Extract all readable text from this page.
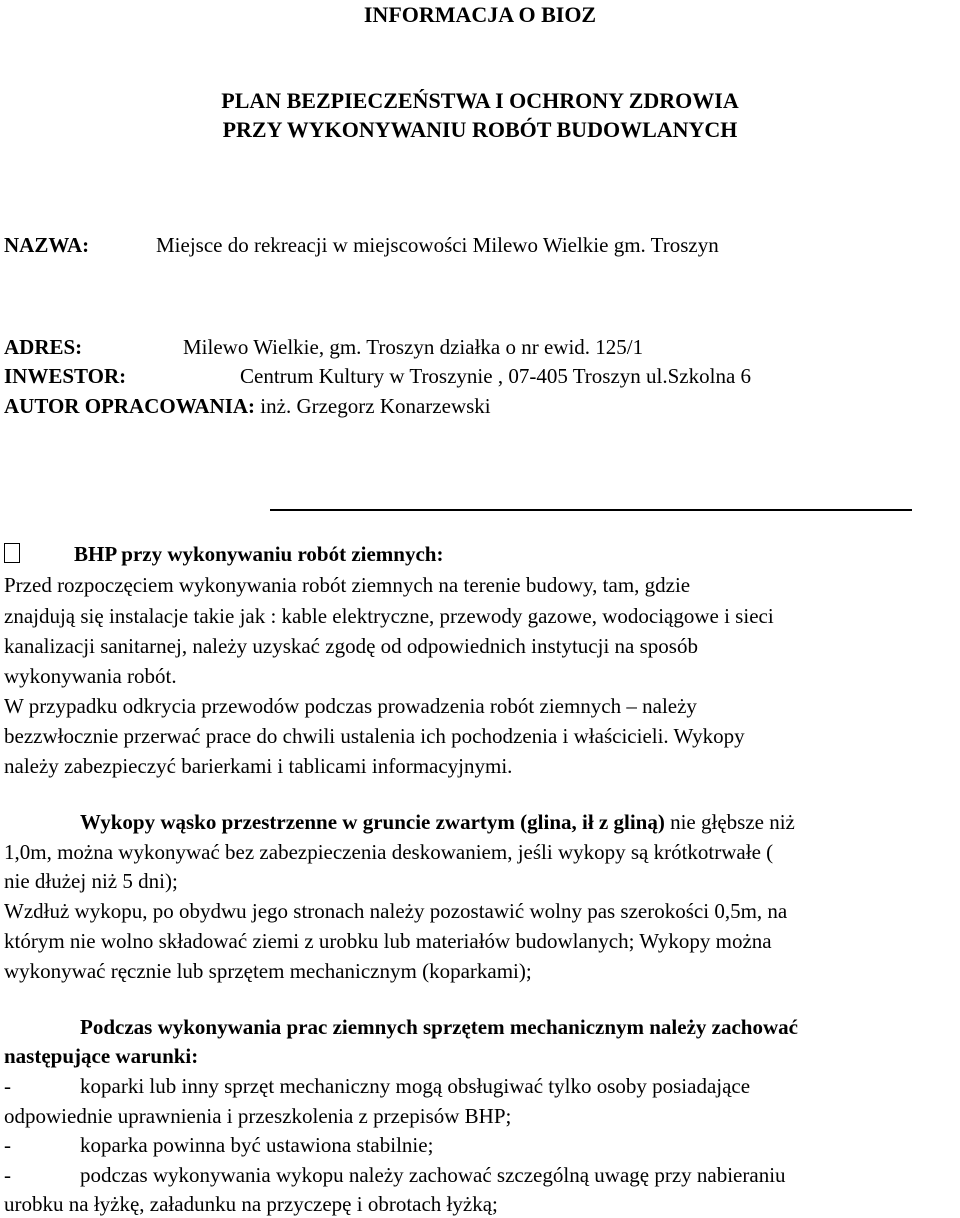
INFORMACJA O BIOZ
PLAN BEZPIECZEŃSTWA I OCHRONY ZDROWIA
PRZY WYKONYWANIU ROBÓT BUDOWLANYCH
NAZWA:	Miejsce do rekreacji w miejscowości Milewo Wielkie gm. Troszyn
ADRES:	Milewo Wielkie, gm. Troszyn działka o nr ewid. 125/1
INWESTOR:	Centrum Kultury w Troszynie , 07-405 Troszyn ul.Szkolna 6
AUTOR OPRACOWANIA: inż. Grzegorz Konarzewski
BHP przy wykonywaniu robót ziemnych:
Przed rozpoczęciem wykonywania robót ziemnych na terenie budowy, tam, gdzie
znajdują się instalacje takie jak : kable elektryczne, przewody gazowe, wodociągowe i sieci
kanalizacji sanitarnej, należy uzyskać zgodę od odpowiednich instytucji na sposób
wykonywania robót.
W przypadku odkrycia przewodów podczas prowadzenia robót ziemnych – należy
bezzwłocznie przerwać prace do chwili ustalenia ich pochodzenia i właścicieli. Wykopy
należy zabezpieczyć barierkami i tablicami informacyjnymi.
Wykopy wąsko przestrzenne w gruncie zwartym (glina, ił z gliną) nie głębsze niż
1,0m, można wykonywać bez zabezpieczenia deskowaniem, jeśli wykopy są krótkotrwałe (
nie dłużej niż 5 dni);
Wzdłuż wykopu, po obydwu jego stronach należy pozostawić wolny pas szerokości 0,5m, na
którym nie wolno składować ziemi z urobku lub materiałów budowlanych; Wykopy można
wykonywać ręcznie lub sprzętem mechanicznym (koparkami);
Podczas wykonywania prac ziemnych sprzętem mechanicznym należy zachować
następujące warunki:
-	koparki lub inny sprzęt mechaniczny mogą obsługiwać tylko osoby posiadające
odpowiednie uprawnienia i przeszkolenia z przepisów BHP;
-	koparka powinna być ustawiona stabilnie;
-	podczas wykonywania wykopu należy zachować szczególną uwagę przy nabieraniu
urobku na łyżkę, załadunku na przyczepę i obrotach łyżką;
